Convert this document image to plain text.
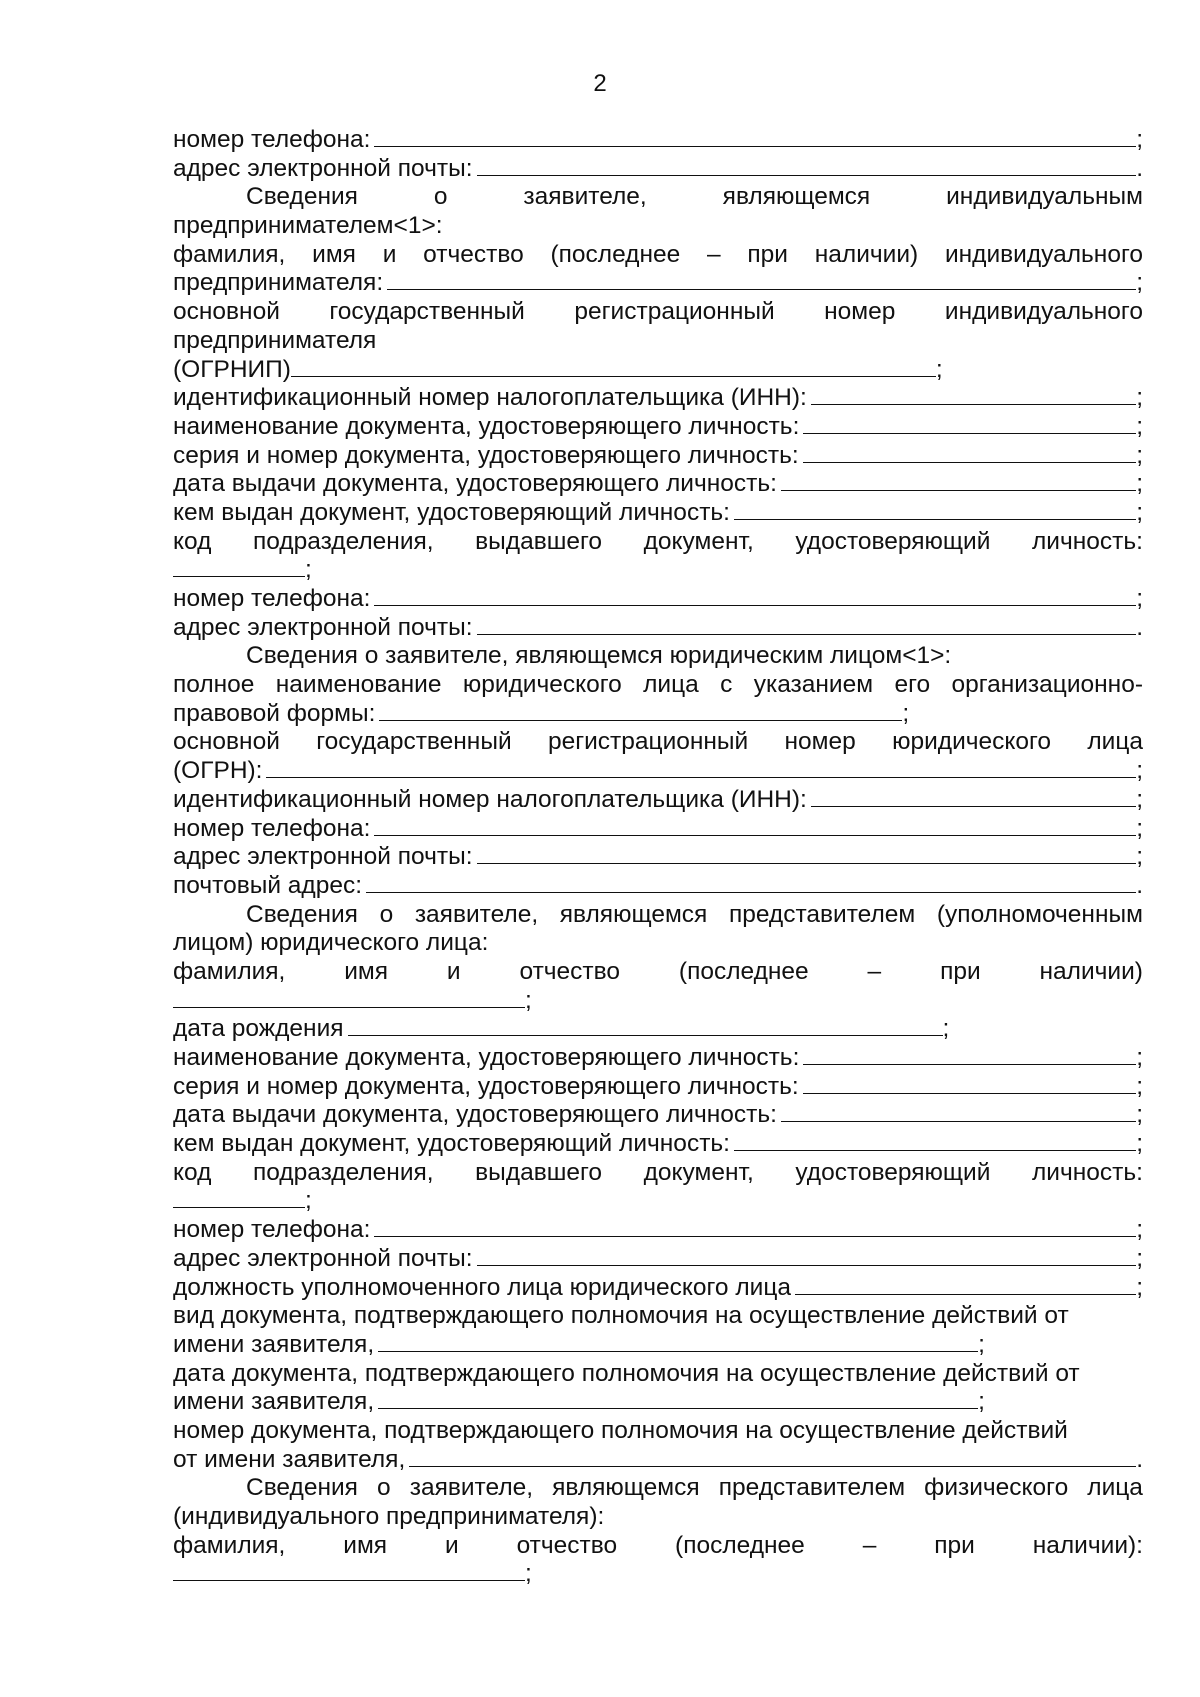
2
номер телефона:	;
адрес электронной почты:	.
Сведения	о	заявителе,	являющемся	индивидуальным
предпринимателем<1>:
фамилия, имя и отчество (последнее – при наличии) индивидуального
предпринимателя:	;
основной государственный регистрационный номер индивидуального
предпринимателя
(ОГРНИП)	;
идентификационный номер налогоплательщика (ИНН):	;
наименование документа, удостоверяющего личность:	;
серия и номер документа, удостоверяющего личность:	;
дата выдачи документа, удостоверяющего личность:	;
кем выдан документ, удостоверяющий личность:	;
код подразделения, выдавшего документ, удостоверяющий личность:
;
номер телефона:	;
адрес электронной почты:	.
Сведения о заявителе, являющемся юридическим лицом<1>:
полное наименование юридического лица с указанием его организационно-
правовой формы:	;
основной государственный регистрационный номер юридического лица
(ОГРН):	;
идентификационный номер налогоплательщика (ИНН):	;
номер телефона:	;
адрес электронной почты:	;
почтовый адрес:	.
Сведения о заявителе, являющемся представителем (уполномоченным
лицом) юридического лица:
фамилия, имя и отчество (последнее – при наличии)
;
дата рождения	;
наименование документа, удостоверяющего личность:	;
серия и номер документа, удостоверяющего личность:	;
дата выдачи документа, удостоверяющего личность:	;
кем выдан документ, удостоверяющий личность:	;
код подразделения, выдавшего документ, удостоверяющий личность:
;
номер телефона:	;
адрес электронной почты:	;
должность уполномоченного лица юридического лица	;
вид документа, подтверждающего полномочия на осуществление действий от
имени заявителя,	;
дата документа, подтверждающего полномочия на осуществление действий от
имени заявителя,	;
номер документа, подтверждающего полномочия на осуществление действий
от имени заявителя,	.
Сведения о заявителе, являющемся представителем физического лица
(индивидуального предпринимателя):
фамилия, имя и отчество (последнее – при наличии):
;
